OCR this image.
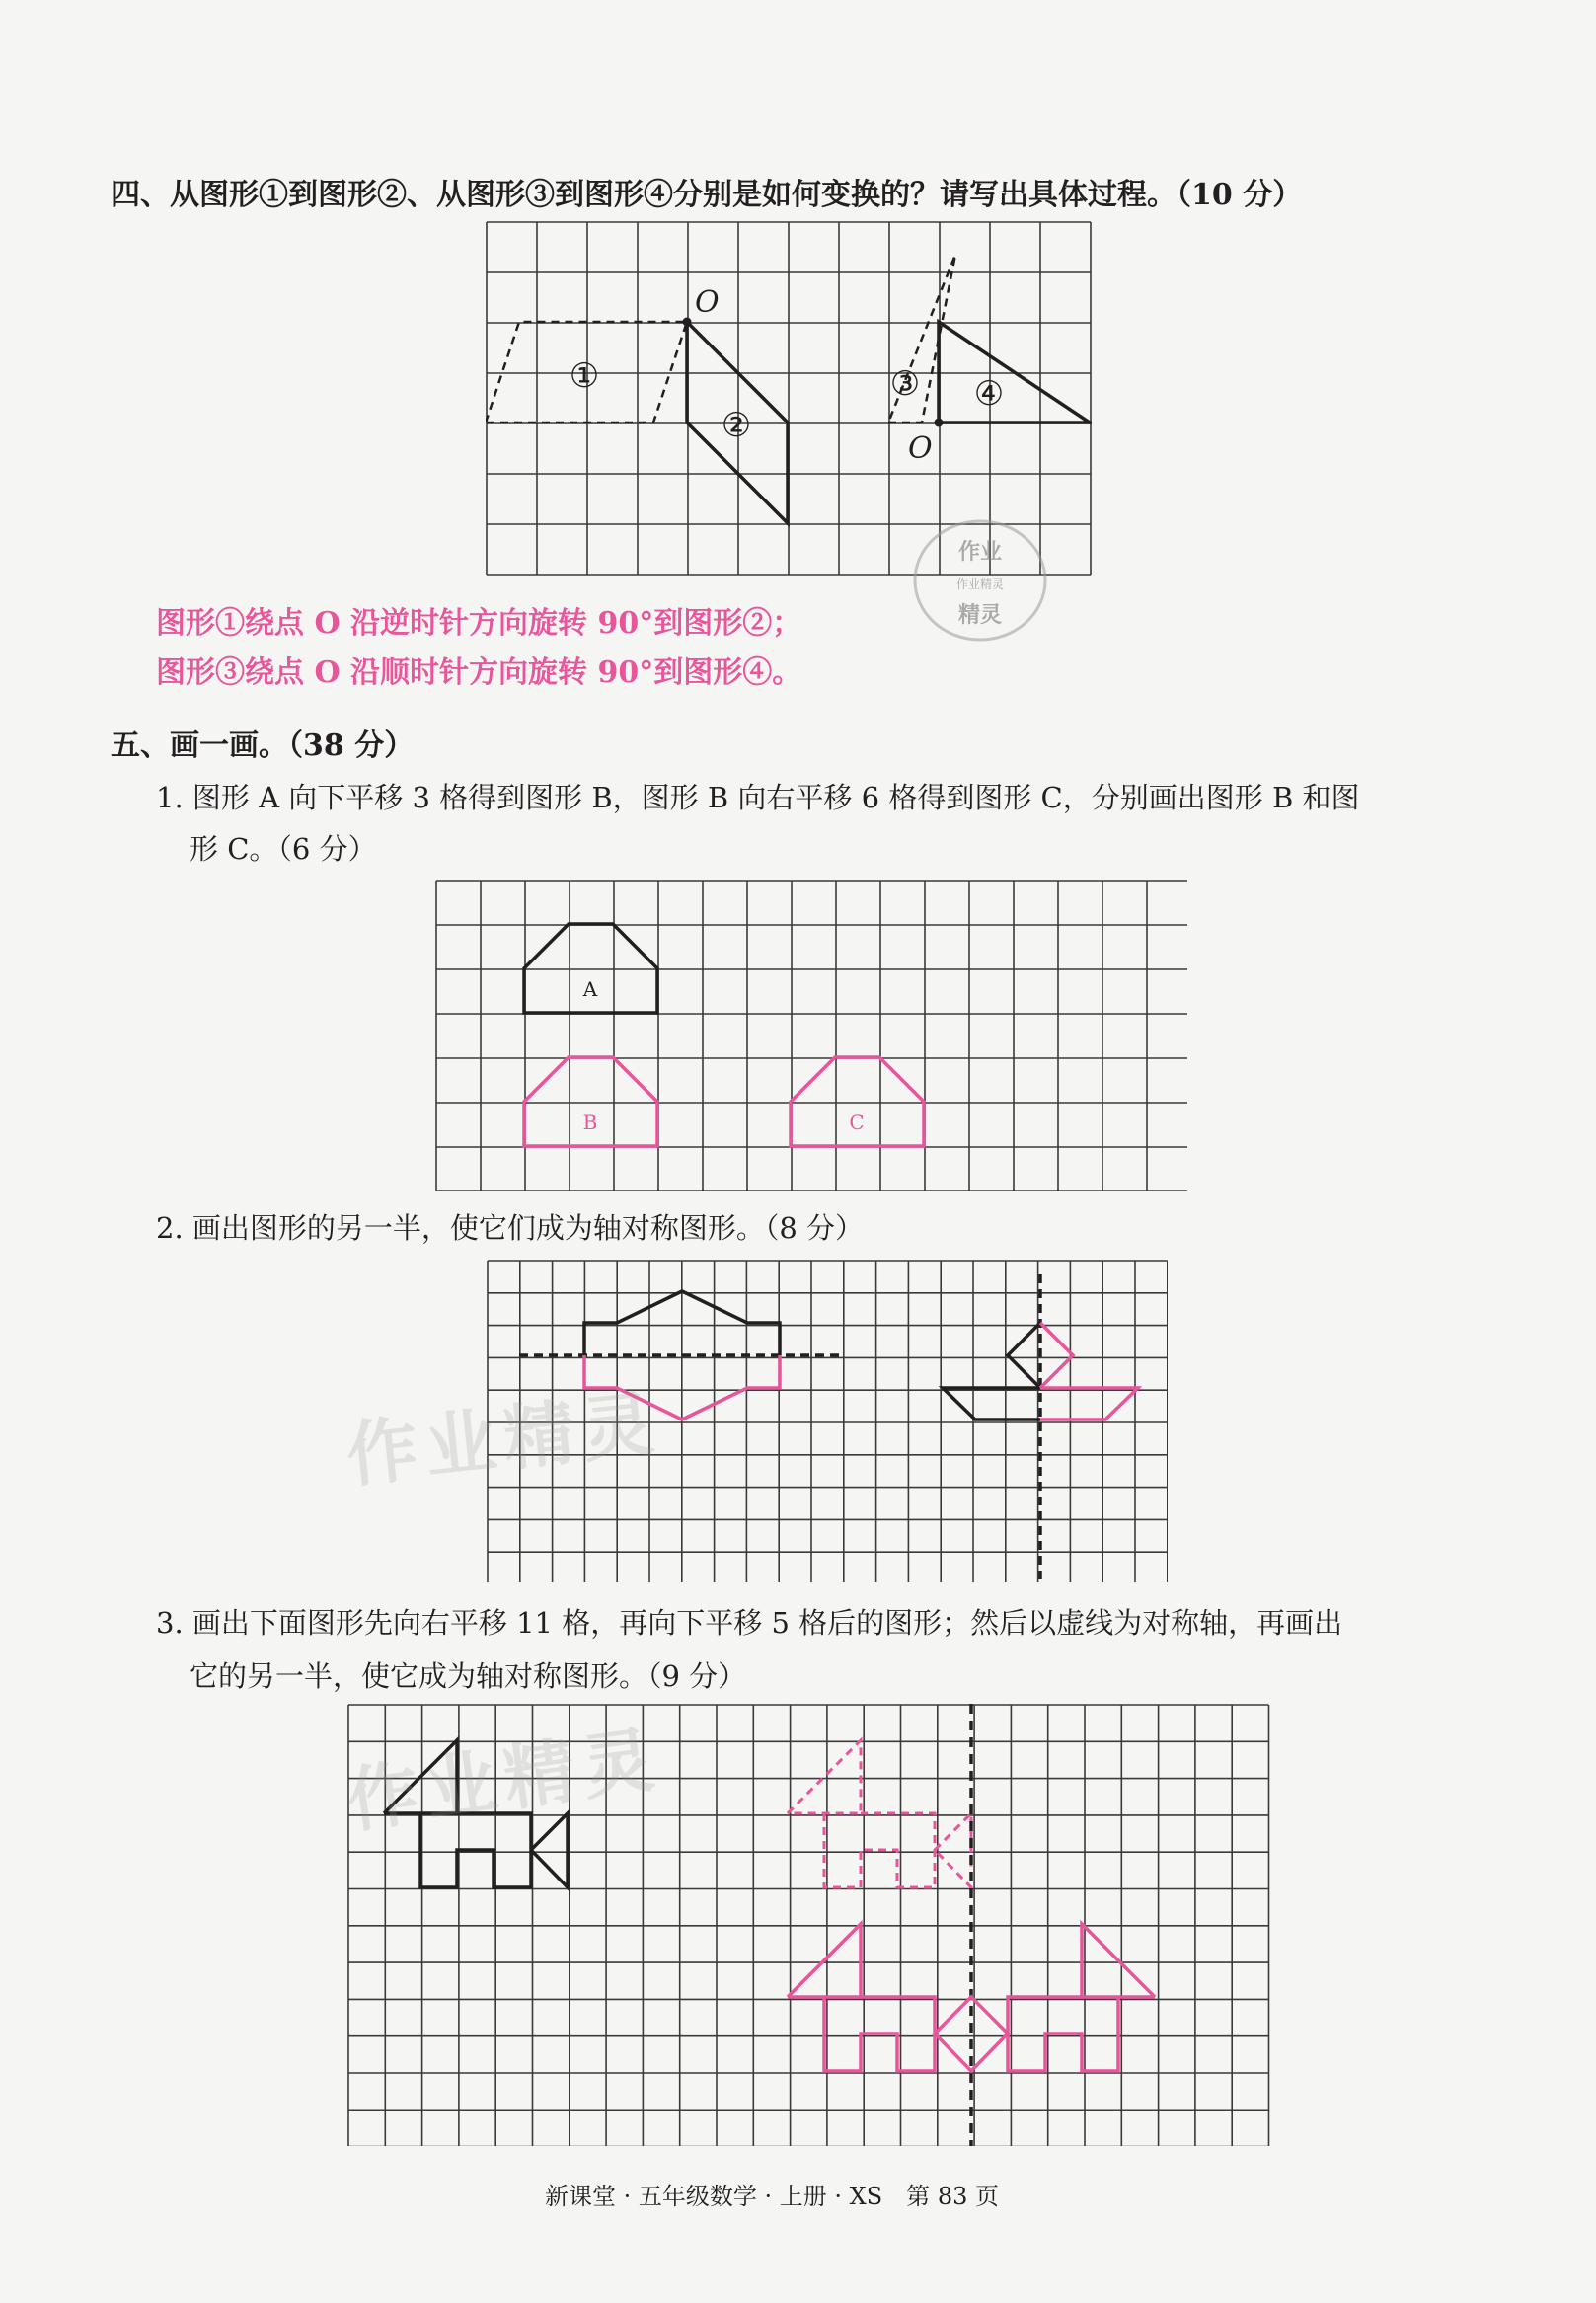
四、从图形①到图形②、从图形③到图形④分别是如何变换的？请写出具体过程。（10 分）
①
②
③ ④
O
O
作业
作业精灵
精灵
图形①绕点 O 沿逆时针方向旋转 90°到图形②；
图形③绕点 O 沿顺时针方向旋转 90°到图形④。
五、画一画。（38 分）
1. 图形 A 向下平移 3 格得到图形 B，图形 B 向右平移 6 格得到图形 C，分别画出图形 B 和图
形 C。（6 分）
A
B	C
2. 画出图形的另一半，使它们成为轴对称图形。（8 分）
作业精灵
3. 画出下面图形先向右平移 11 格，再向下平移 5 格后的图形；然后以虚线为对称轴，再画出
它的另一半，使它成为轴对称图形。（9 分）
作业精灵
新课堂 · 五年级数学 · 上册 · XS　第 83 页
